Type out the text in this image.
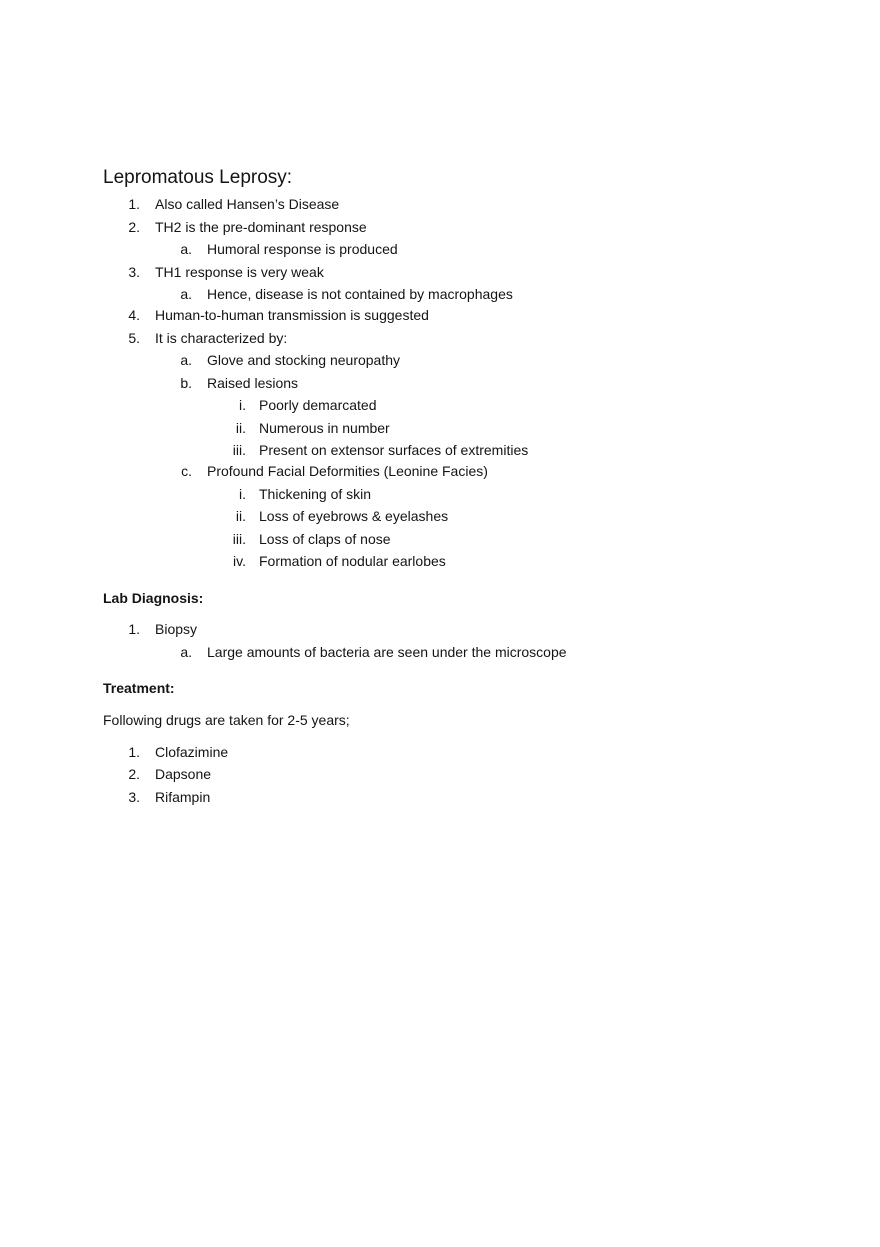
Lepromatous Leprosy:
1. Also called Hansen’s Disease
2. TH2 is the pre-dominant response
a. Humoral response is produced
3. TH1 response is very weak
a. Hence, disease is not contained by macrophages
4. Human-to-human transmission is suggested
5. It is characterized by:
a. Glove and stocking neuropathy
b. Raised lesions
i. Poorly demarcated
ii. Numerous in number
iii. Present on extensor surfaces of extremities
c. Profound Facial Deformities (Leonine Facies)
i. Thickening of skin
ii. Loss of eyebrows & eyelashes
iii. Loss of claps of nose
iv. Formation of nodular earlobes
Lab Diagnosis:
1. Biopsy
a. Large amounts of bacteria are seen under the microscope
Treatment:

Following drugs are taken for 2-5 years;

1. Clofazimine
2. Dapsone
3. Rifampin
